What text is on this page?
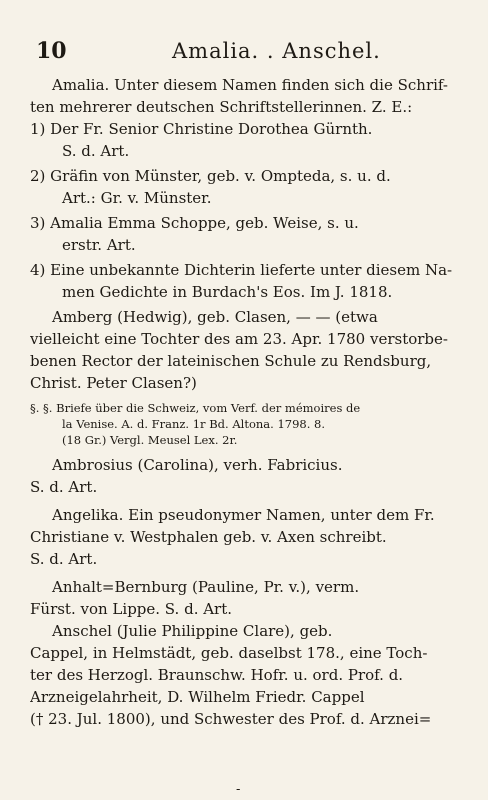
10	Amalia. . Anschel.
Amalia. Unter diesem Namen finden sich die Schrif-
ten mehrerer deutschen Schriftstellerinnen. Z. E.:
1) Der Fr. Senior Christine Dorothea Gürnth.
S. d. Art.
2) Gräfin von Münster, geb. v. Ompteda, s. u. d.
Art.: Gr. v. Münster.
3) Amalia Emma Schoppe, geb. Weise, s. u.
erstr. Art.
4) Eine unbekannte Dichterin lieferte unter diesem Na-
men Gedichte in Burdach's Eos. Im J. 1818.
Amberg (Hedwig), geb. Clasen, — — (etwa
vielleicht eine Tochter des am 23. Apr. 1780 verstorbe-
benen Rector der lateinischen Schule zu Rendsburg,
Christ. Peter Clasen?)
§. §. Briefe über die Schweiz, vom Verf. der mémoires de
la Venise. A. d. Franz. 1r Bd. Altona. 1798. 8.
(18 Gr.) Vergl. Meusel Lex. 2r.
Ambrosius (Carolina), verh. Fabricius.
S. d. Art.
Angelika. Ein pseudonymer Namen, unter dem Fr.
Christiane v. Westphalen geb. v. Axen schreibt.
S. d. Art.
Anhalt=Bernburg (Pauline, Pr. v.), verm.
Fürst. von Lippe. S. d. Art.
Anschel (Julie Philippine Clare), geb.
Cappel, in Helmstädt, geb. daselbst 178., eine Toch-
ter des Herzogl. Braunschw. Hofr. u. ord. Prof. d.
Arzneigelahrheit, D. Wilhelm Friedr. Cappel
(† 23. Jul. 1800), und Schwester des Prof. d. Arznei=
-
